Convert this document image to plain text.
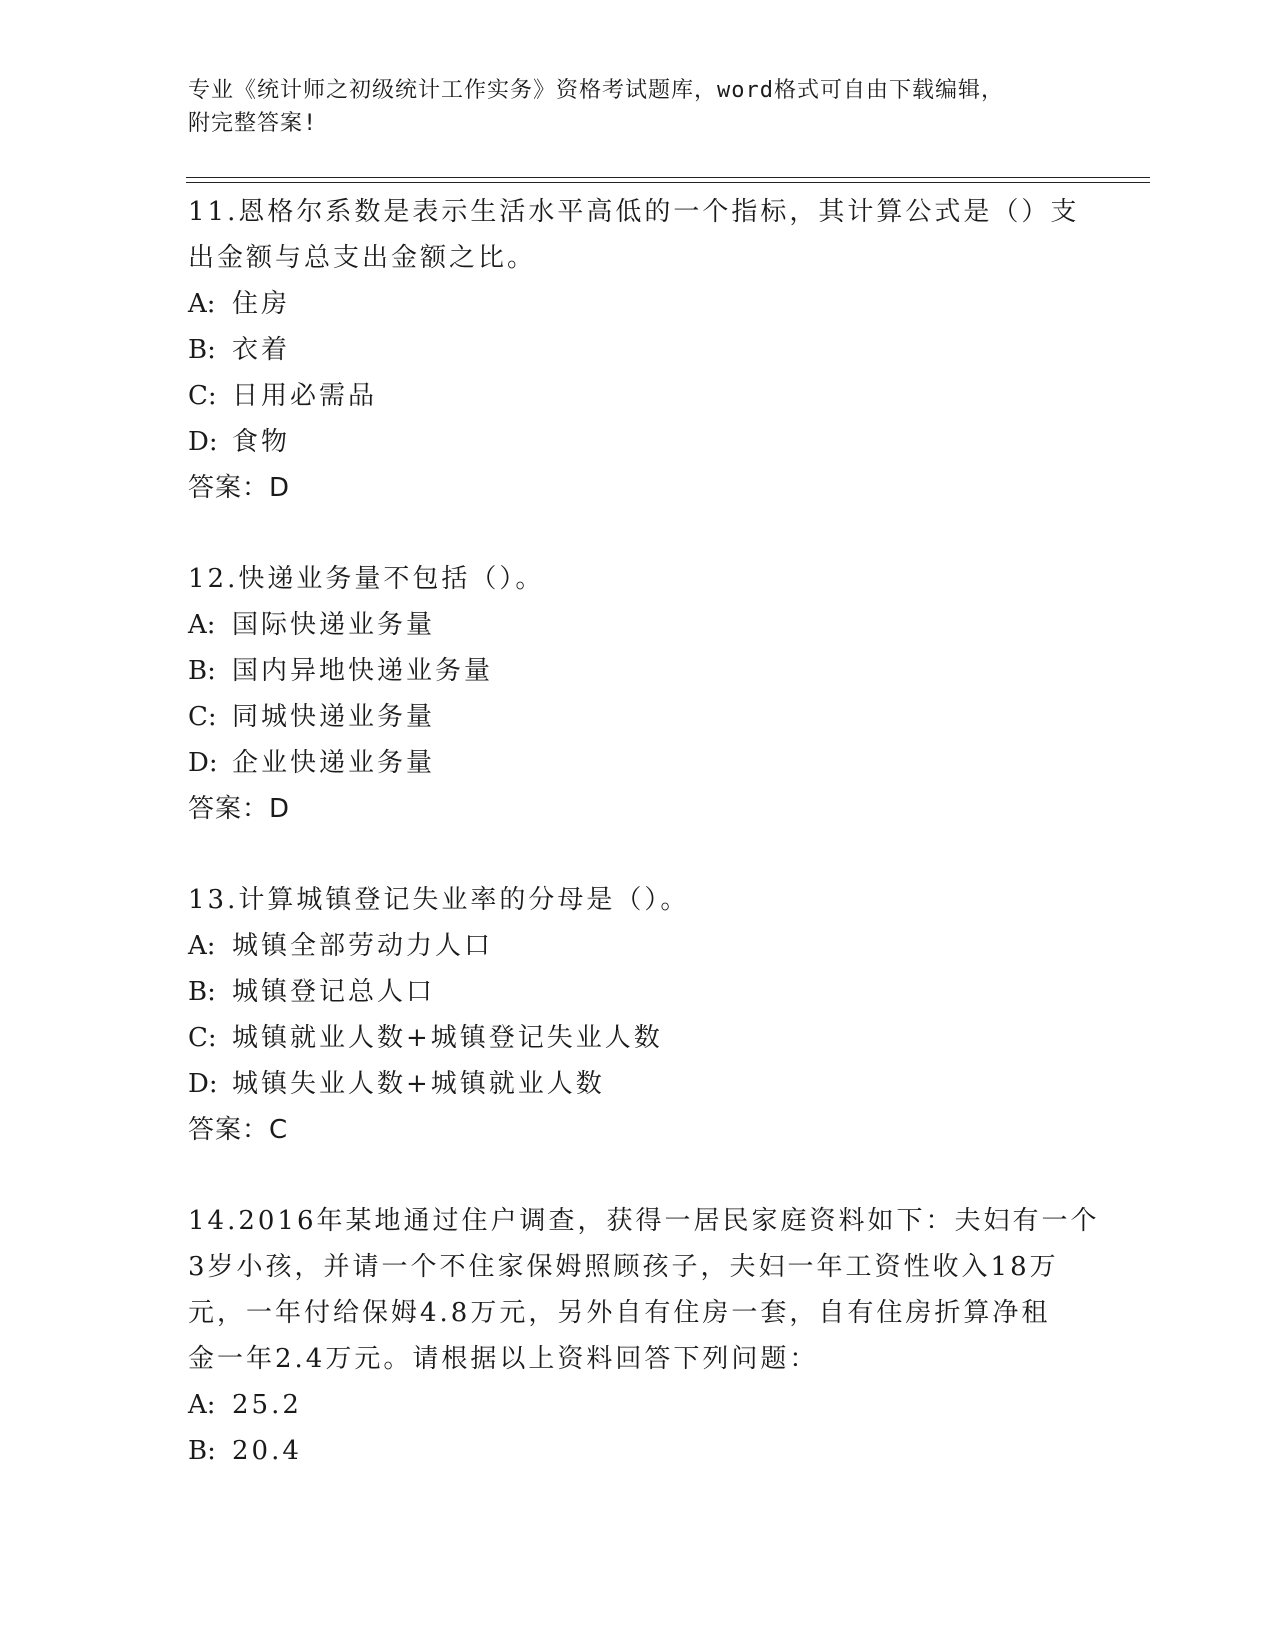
专业《统计师之初级统计工作实务》资格考试题库，word格式可自由下载编辑，
附完整答案!
11.恩格尔系数是表示生活水平高低的一个指标，其计算公式是（）支
出金额与总支出金额之比。
A: 住房
B: 衣着
C: 日用必需品
D: 食物
答案：D
12.快递业务量不包括（）。
A: 国际快递业务量
B: 国内异地快递业务量
C: 同城快递业务量
D: 企业快递业务量
答案：D
13.计算城镇登记失业率的分母是（）。
A: 城镇全部劳动力人口
B: 城镇登记总人口
C: 城镇就业人数+城镇登记失业人数
D: 城镇失业人数+城镇就业人数
答案：C
14.2016年某地通过住户调查，获得一居民家庭资料如下：夫妇有一个
3岁小孩，并请一个不住家保姆照顾孩子，夫妇一年工资性收入18万
元，一年付给保姆4.8万元，另外自有住房一套，自有住房折算净租
金一年2.4万元。请根据以上资料回答下列问题：
A: 25.2
B: 20.4
